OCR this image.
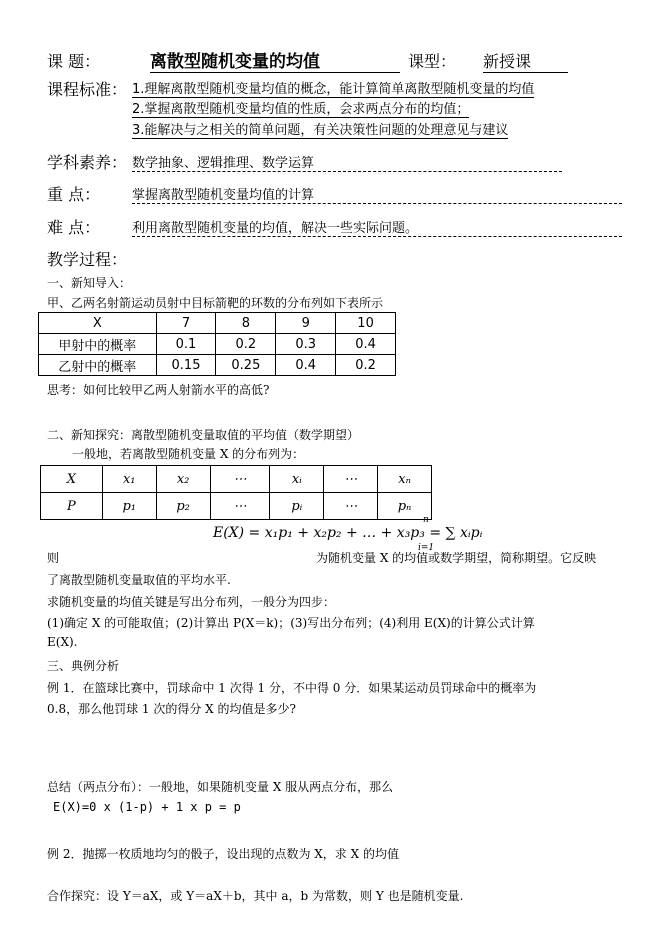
课 题：	离散型随机变量的均值	课型： 新授课
课程标准： 1.理解离散型随机变量均值的概念，能计算简单离散型随机变量的均值
2.掌握离散型随机变量均值的性质，会求两点分布的均值；
3.能解决与之相关的简单问题，有关决策性问题的处理意见与建议
学科素养： 数学抽象、逻辑推理、数学运算
重 点： 掌握离散型随机变量均值的计算
难 点： 利用离散型随机变量的均值，解决一些实际问题。
教学过程：
一、新知导入：
甲、乙两名射箭运动员射中目标箭靶的环数的分布列如下表所示
X	7	8	9	10
甲射中的概率	0.1	0.2	0.3	0.4
乙射中的概率	0.15	0.25	0.4	0.2
思考：如何比较甲乙两人射箭水平的高低?
二、新知探究：离散型随机变量取值的平均值（数学期望）
一般地，若离散型随机变量 X 的分布列为：
X	x₁	x₂	⋯	xᵢ	⋯	xₙ
P	p₁	p₂	⋯	pᵢ	⋯	pₙ
E(X) = x₁p₁ + x₂p₂ + … + x₃p₃ = ∑ xᵢpᵢ
n
i=1
则	为随机变量 X 的均值或数学期望，简称期望。它反映
了离散型随机变量取值的平均水平.
求随机变量的均值关键是写出分布列，一般分为四步：
(1)确定 X 的可能取值；(2)计算出 P(X＝k)；(3)写出分布列；(4)利用 E(X)的计算公式计算
E(X).
三、典例分析
例 1．在篮球比赛中，罚球命中 1 次得 1 分，不中得 0 分．如果某运动员罚球命中的概率为
0.8，那么他罚球 1 次的得分 X 的均值是多少?
总结（两点分布）：一般地，如果随机变量 X 服从两点分布，那么
E(X)=0 x (1-p) + 1 x p = p
例 2．抛掷一枚质地均匀的骰子，设出现的点数为 X，求 X 的均值
合作探究：设 Y＝aX，或 Y＝aX＋b，其中 a，b 为常数，则 Y 也是随机变量.
